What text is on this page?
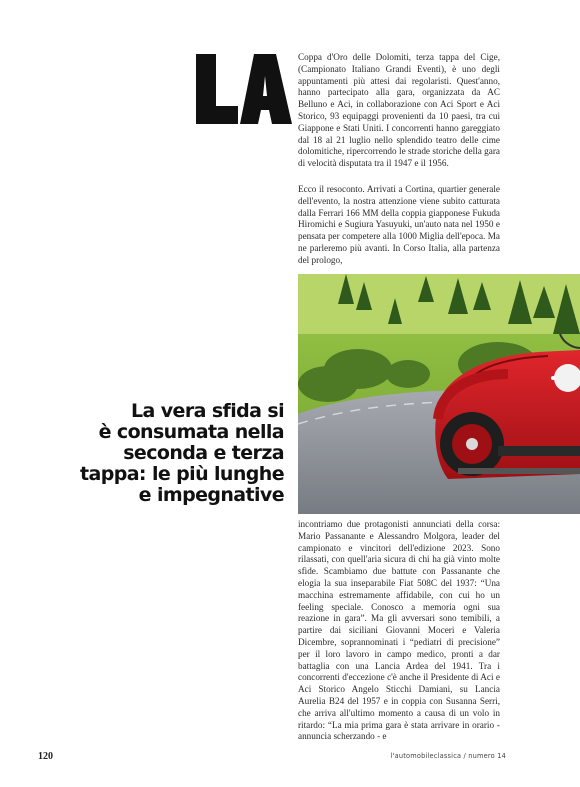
Coppa d'Oro delle Dolomiti, terza tappa del Cige, (Campionato Italiano Grandi Eventi), è uno degli appuntamenti più attesi dai regolaristi. Quest'anno, hanno partecipato alla gara, organizzata da AC Belluno e Aci, in collaborazione con Aci Sport e Aci Storico, 93 equipaggi provenienti da 10 paesi, tra cui Giappone e Stati Uniti. I concorrenti hanno gareggiato dal 18 al 21 luglio nello splendido teatro delle cime dolomitiche, ripercorrendo le strade storiche della gara di velocità disputata tra il 1947 e il 1956.

Ecco il resoconto. Arrivati a Cortina, quartier generale dell'evento, la nostra attenzione viene subito catturata dalla Ferrari 166 MM della coppia giapponese Fukuda Hiromichi e Sugiura Yasuyuki, un'auto nata nel 1950 e pensata per competere alla 1000 Miglia dell'epoca. Ma ne parleremo più avanti. In Corso Italia, alla partenza del prologo,

La vera sfida si
è consumata nella
seconda e terza
tappa: le più lunghe
e impegnative

incontriamo due protagonisti annunciati della corsa: Mario Passanante e Alessandro Molgora, leader del campionato e vincitori dell'edizione 2023. Sono rilassati, con quell'aria sicura di chi ha già vinto molte sfide. Scambiamo due battute con Passanante che elogia la sua inseparabile Fiat 508C del 1937: “Una macchina estremamente affidabile, con cui ho un feeling speciale. Conosco a memoria ogni sua reazione in gara”. Ma gli avversari sono temibili, a partire dai siciliani Giovanni Moceri e Valeria Dicembre, soprannominati i “pediatri di precisione” per il loro lavoro in campo medico, pronti a dar battaglia con una Lancia Ardea del 1941. Tra i concorrenti d'eccezione c'è anche il Presidente di Aci e Aci Storico Angelo Sticchi Damiani, su Lancia Aurelia B24 del 1957 e in coppia con Susanna Serri, che arriva all'ultimo momento a causa di un volo in ritardo: “La mia prima gara è stata arrivare in orario - annuncia scherzando - e

120	l'automobileclassica / numero 14
